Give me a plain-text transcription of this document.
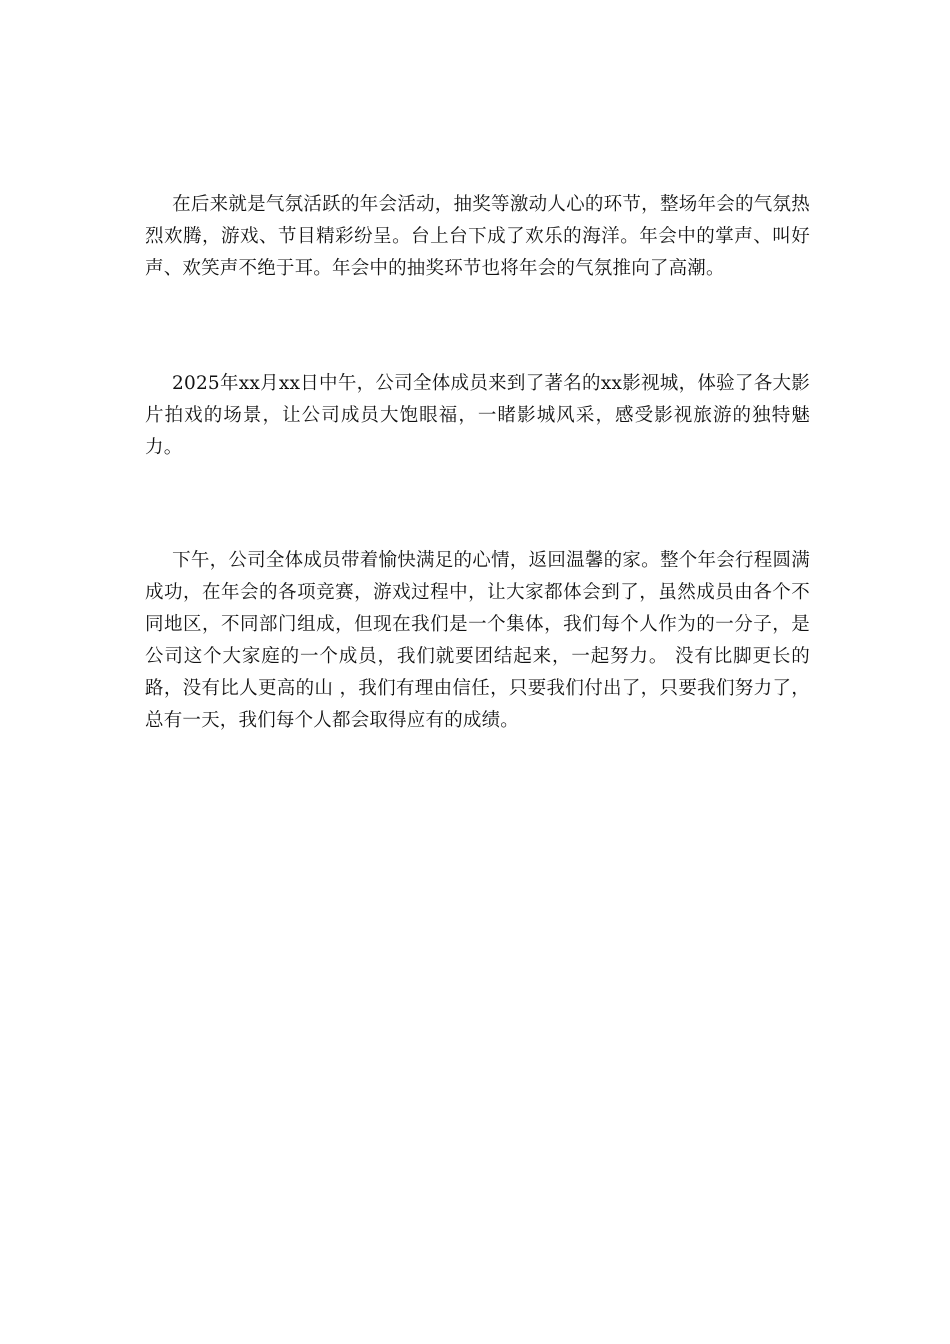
在后来就是气氛活跃的年会活动，抽奖等激动人心的环节，整场年会的气氛热烈欢腾，游戏、节目精彩纷呈。台上台下成了欢乐的海洋。年会中的掌声、叫好声、欢笑声不绝于耳。年会中的抽奖环节也将年会的气氛推向了高潮。

2025年xx月xx日中午，公司全体成员来到了著名的xx影视城，体验了各大影片拍戏的场景，让公司成员大饱眼福，一睹影城风采，感受影视旅游的独特魅力。

下午，公司全体成员带着愉快满足的心情，返回温馨的家。整个年会行程圆满成功，在年会的各项竞赛，游戏过程中，让大家都体会到了，虽然成员由各个不同地区，不同部门组成，但现在我们是一个集体，我们每个人作为的一分子，是公司这个大家庭的一个成员，我们就要团结起来，一起努力。 没有比脚更长的路，没有比人更高的山 ，我们有理由信任，只要我们付出了，只要我们努力了，总有一天，我们每个人都会取得应有的成绩。
